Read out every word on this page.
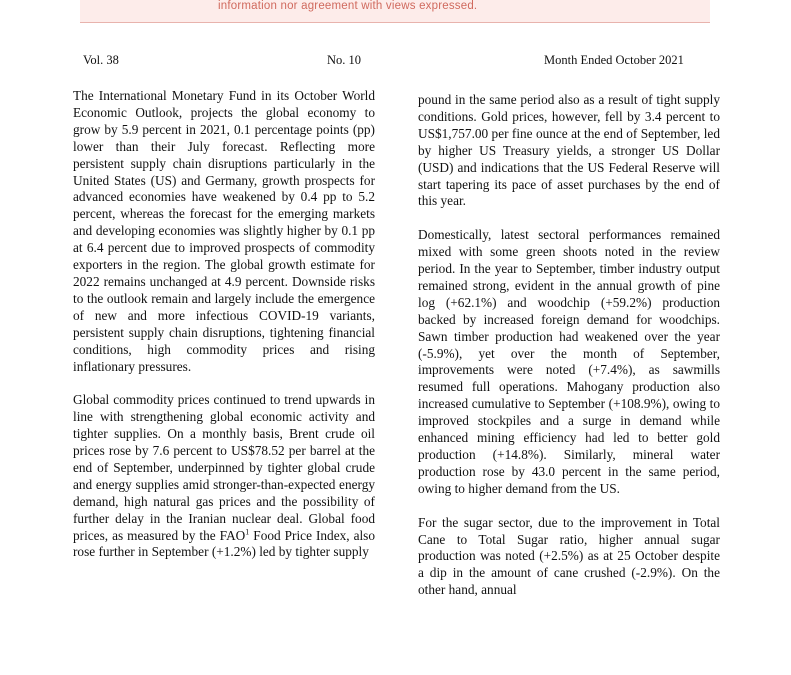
information nor agreement with views expressed.
Vol. 38	No. 10	Month Ended October 2021

The International Monetary Fund in its October World Economic Outlook, projects the global economy to grow by 5.9 percent in 2021, 0.1 percentage points (pp) lower than their July forecast. Reflecting more persistent supply chain disruptions particularly in the United States (US) and Germany, growth prospects for advanced economies have weakened by 0.4 pp to 5.2 percent, whereas the forecast for the emerging markets and developing economies was slightly higher by 0.1 pp at 6.4 percent due to improved prospects of commodity exporters in the region. The global growth estimate for 2022 remains unchanged at 4.9 percent. Downside risks to the outlook remain and largely include the emergence of new and more infectious COVID-19 variants, persistent supply chain disruptions, tightening financial conditions, high commodity prices and rising inflationary pressures.

Global commodity prices continued to trend upwards in line with strengthening global economic activity and tighter supplies. On a monthly basis, Brent crude oil prices rose by 7.6 percent to US$78.52 per barrel at the end of September, underpinned by tighter global crude and energy supplies amid stronger-than-expected energy demand, high natural gas prices and the possibility of further delay in the Iranian nuclear deal. Global food prices, as measured by the FAO$^1$ Food Price Index, also rose further in September (+1.2%) led by tighter supply

pound in the same period also as a result of tight supply conditions. Gold prices, however, fell by 3.4 percent to US$1,757.00 per fine ounce at the end of September, led by higher US Treasury yields, a stronger US Dollar (USD) and indications that the US Federal Reserve will start tapering its pace of asset purchases by the end of this year.

Domestically, latest sectoral performances remained mixed with some green shoots noted in the review period. In the year to September, timber industry output remained strong, evident in the annual growth of pine log (+62.1%) and woodchip (+59.2%) production backed by increased foreign demand for woodchips. Sawn timber production had weakened over the year (-5.9%), yet over the month of September, improvements were noted (+7.4%), as sawmills resumed full operations. Mahogany production also increased cumulative to September (+108.9%), owing to improved stockpiles and a surge in demand while enhanced mining efficiency had led to better gold production (+14.8%). Similarly, mineral water production rose by 43.0 percent in the same period, owing to higher demand from the US.

For the sugar sector, due to the improvement in Total Cane to Total Sugar ratio, higher annual sugar production was noted (+2.5%) as at 25 October despite a dip in the amount of cane crushed (-2.9%). On the other hand, annual
